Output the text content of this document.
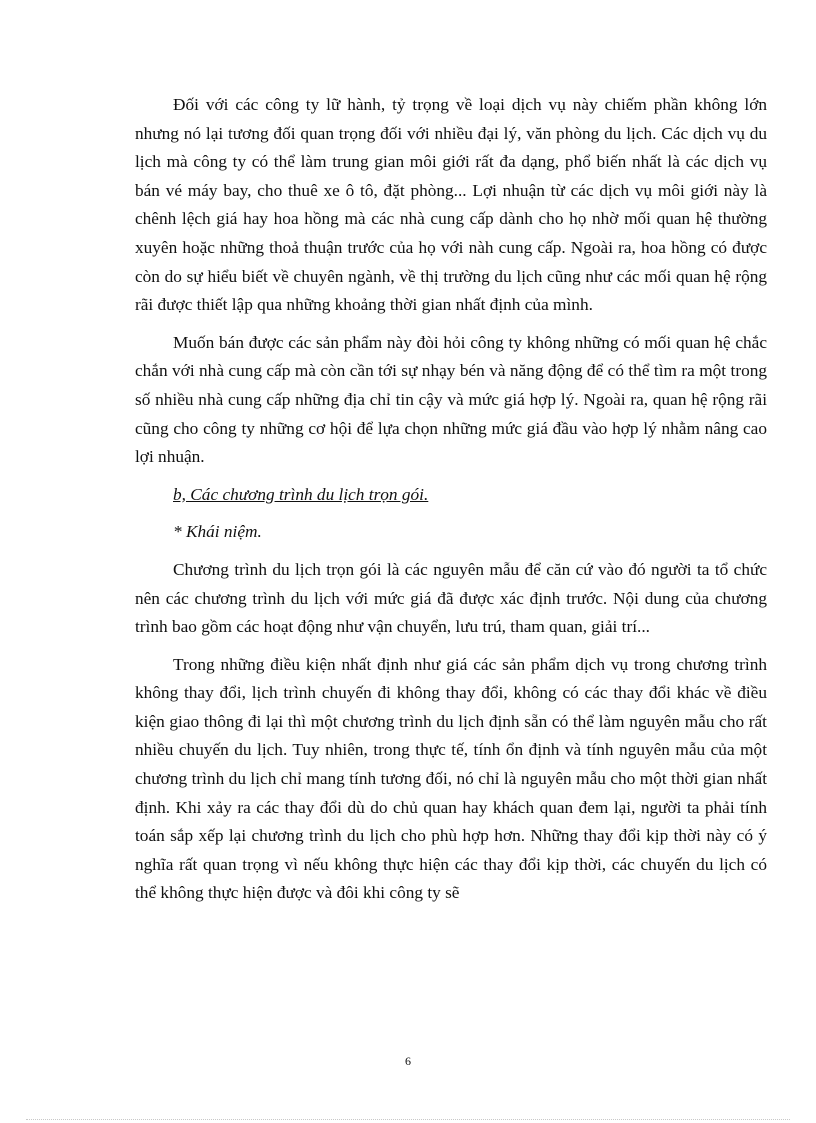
Đối với các công ty lữ hành, tỷ trọng về loại dịch vụ này chiếm phần không lớn nhưng nó lại tương đối quan trọng đối với nhiều đại lý, văn phòng du lịch. Các dịch vụ du lịch mà công ty có thể làm trung gian môi giới rất đa dạng, phổ biến nhất là các dịch vụ bán vé máy bay, cho thuê xe ô tô, đặt phòng... Lợi nhuận từ các dịch vụ môi giới này là chênh lệch giá hay hoa hồng mà các nhà cung cấp dành cho họ nhờ mối quan hệ thường xuyên hoặc những thoả thuận trước của họ với nàh cung cấp. Ngoài ra, hoa hồng có được còn do sự hiểu biết về chuyên ngành, về thị trường du lịch cũng như các mối quan hệ rộng rãi được thiết lập qua những khoảng thời gian nhất định của mình.

Muốn bán được các sản phẩm này đòi hỏi công ty không những có mối quan hệ chắc chắn với nhà cung cấp mà còn cần tới sự nhạy bén và năng động để có thể tìm ra một trong số nhiều nhà cung cấp những địa chỉ tin cậy và mức giá hợp lý. Ngoài ra, quan hệ rộng rãi cũng cho công ty những cơ hội để lựa chọn những mức giá đầu vào hợp lý nhằm nâng cao lợi nhuận.

b, Các chương trình du lịch trọn gói.
* Khái niệm.

Chương trình du lịch trọn gói là các nguyên mẫu để căn cứ vào đó người ta tổ chức nên các chương trình du lịch với mức giá đã được xác định trước. Nội dung của chương trình bao gồm các hoạt động như vận chuyển, lưu trú, tham quan, giải trí...

Trong những điều kiện nhất định như giá các sản phẩm dịch vụ trong chương trình không thay đổi, lịch trình chuyến đi không thay đổi, không có các thay đổi khác về điều kiện giao thông đi lại thì một chương trình du lịch định sẵn có thể làm nguyên mẫu cho rất nhiều chuyến du lịch. Tuy nhiên, trong thực tế, tính ổn định và tính nguyên mẫu của một chương trình du lịch chỉ mang tính tương đối, nó chỉ là nguyên mẫu cho một thời gian nhất định. Khi xảy ra các thay đổi dù do chủ quan hay khách quan đem lại, người ta phải tính toán sắp xếp lại chương trình du lịch cho phù hợp hơn. Những thay đổi kịp thời này có ý nghĩa rất quan trọng vì nếu không thực hiện các thay đổi kịp thời, các chuyến du lịch có thể không thực hiện được và đôi khi công ty sẽ

6
